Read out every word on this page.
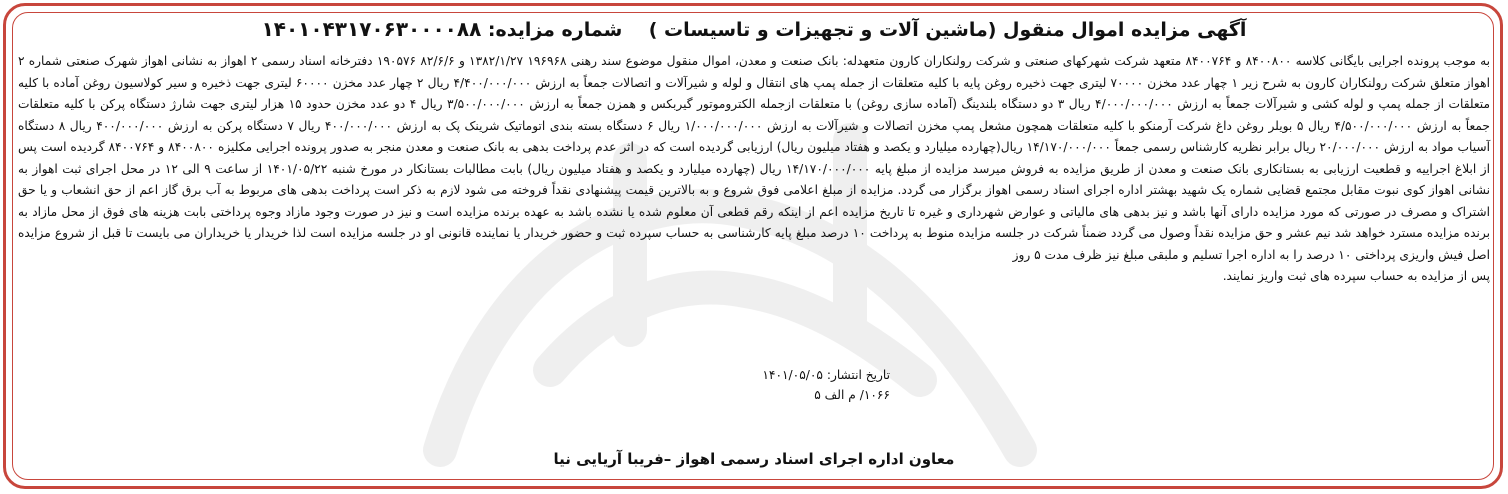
آگهی مزایده اموال منقول (ماشین آلات و تجهیزات و تاسیسات )    شماره مزایده: ۱۴۰۱۰۴۳۱۷۰۶۳۰۰۰۰۸۸

به موجب پرونده اجرایی بایگانی کلاسه ۸۴۰۰۸۰۰ و ۸۴۰۰۷۶۴ متعهد شرکت شهرکهای صنعتی و شرکت رولنکاران کارون متعهدله: بانک صنعت و معدن، اموال منقول موضوع سند رهنی ۱۹۶۹۶۸ ۱۳۸۲/۱/۲۷ و ۸۲/۶/۶ ۱۹۰۵۷۶ دفترخانه اسناد رسمی ۲ اهواز به نشانی اهواز شهرک صنعتی شماره ۲ اهواز متعلق شرکت رولنکاران کارون به شرح زیر ۱ چهار عدد مخزن ۷۰۰۰۰ لیتری جهت ذخیره روغن پایه با کلیه متعلقات از جمله پمپ های انتقال و لوله و شیرآلات و اتصالات جمعاً به ارزش ۴/۴۰۰/۰۰۰/۰۰۰ ریال ۲ چهار عدد مخزن ۶۰۰۰۰ لیتری جهت ذخیره و سیر کولاسیون روغن آماده با کلیه متعلقات از جمله پمپ و لوله کشی و شیرآلات جمعاً به ارزش ۴/۰۰۰/۰۰۰/۰۰۰ ریال ۳ دو دستگاه بلندینگ (آماده سازی روغن) با متعلقات ازجمله الکتروموتور گیربکس و همزن جمعاً به ارزش ۳/۵۰۰/۰۰۰/۰۰۰ ریال ۴ دو عدد مخزن حدود ۱۵ هزار لیتری جهت شارژ دستگاه پرکن با کلیه متعلقات جمعاً به ارزش ۴/۵۰۰/۰۰۰/۰۰۰ ریال ۵ بویلر روغن داغ شرکت آرمنکو با کلیه متعلقات همچون مشعل پمپ مخزن اتصالات و شیرآلات به ارزش ۱/۰۰۰/۰۰۰/۰۰۰ ریال ۶ دستگاه بسته بندی اتوماتیک شرینک پک به ارزش ۴۰۰/۰۰۰/۰۰۰ ریال ۷ دستگاه پرکن به ارزش ۴۰۰/۰۰۰/۰۰۰ ریال ۸ دستگاه آسیاب مواد به ارزش ۲۰/۰۰۰/۰۰۰ ریال برابر نظریه کارشناس رسمی جمعاً ۱۴/۱۷۰/۰۰۰/۰۰۰ ریال(چهارده میلیارد و یکصد و هفتاد میلیون ریال) ارزیابی گردیده است که در اثر عدم پرداخت بدهی به بانک صنعت و معدن منجر به صدور پرونده اجرایی مکلیزه ۸۴۰۰۸۰۰ و ۸۴۰۰۷۶۴ گردیده است پس از ابلاغ اجراییه و قطعیت ارزیابی به بستانکاری بانک صنعت و معدن از طریق مزایده به فروش میرسد مزایده از مبلغ پایه ۱۴/۱۷۰/۰۰۰/۰۰۰ ریال (چهارده میلیارد و یکصد و هفتاد میلیون ریال) بابت مطالبات بستانکار در مورخ شنبه ۱۴۰۱/۰۵/۲۲ از ساعت ۹ الی ۱۲ در محل اجرای ثبت اهواز به نشانی اهواز کوی نبوت مقابل مجتمع قضایی شماره یک شهید بهشتر اداره اجرای اسناد رسمی اهواز برگزار می گردد. مزایده از مبلغ اعلامی فوق شروع و به بالاترین قیمت پیشنهادی نقداً فروخته می شود لازم به ذکر است پرداخت بدهی های مربوط به آب برق گاز اعم از حق انشعاب و یا حق اشتراک و مصرف در صورتی که مورد مزایده دارای آنها باشد و نیز بدهی های مالیاتی و عوارض شهرداری و غیره تا تاریخ مزایده اعم از اینکه رقم قطعی آن معلوم شده یا نشده باشد به عهده برنده مزایده است و نیز در صورت وجود مازاد وجوه پرداختی بابت هزینه های فوق از محل مازاد به برنده مزایده مسترد خواهد شد نیم عشر و حق مزایده نقداً وصول می گردد ضمناً شرکت در جلسه مزایده منوط به پرداخت ۱۰ درصد مبلغ پایه کارشناسی به حساب سپرده ثبت و حضور خریدار یا نماینده قانونی او در جلسه مزایده است لذا خریدار یا خریداران می بایست تا قبل از شروع مزایده اصل فیش واریزی پرداختی ۱۰ درصد را به اداره اجرا تسلیم و ملبقی مبلغ نیز ظرف مدت ۵ روز

پس از مزایده به حساب سپرده های ثبت واریز نمایند.

تاریخ انتشار: ۱۴۰۱/۰۵/۰۵
۱۰۶۶/ م الف ۵
معاون اداره اجرای اسناد رسمی اهواز –فریبا آریایی نیا
